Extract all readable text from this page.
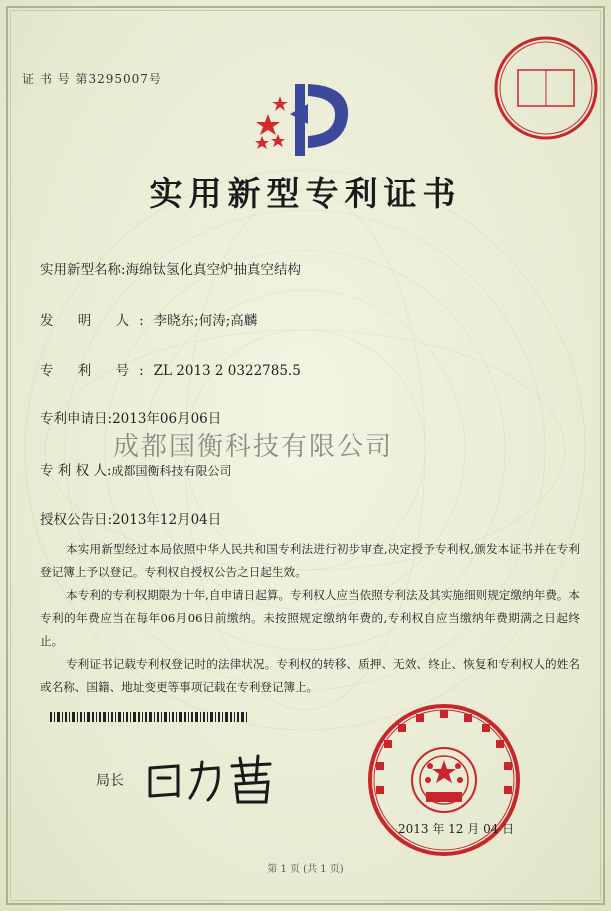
证 书 号 第3295007号
实用新型专利证书
实用新型名称:海绵钛氢化真空炉抽真空结构
发 明 人:李晓东;何涛;高麟
专 利 号:ZL 2013 2 0322785.5
专利申请日:2013年06月06日
专 利 权 人:成都国衡科技有限公司
成都国衡科技有限公司
授权公告日:2013年12月04日
本实用新型经过本局依照中华人民共和国专利法进行初步审查,决定授予专利权,颁发本证书并在专利登记簿上予以登记。专利权自授权公告之日起生效。
本专利的专利权期限为十年,自申请日起算。专利权人应当依照专利法及其实施细则规定缴纳年费。本专利的年费应当在每年06月06日前缴纳。未按照规定缴纳年费的,专利权自应当缴纳年费期满之日起终止。
专利证书记载专利权登记时的法律状况。专利权的转移、质押、无效、终止、恢复和专利权人的姓名或名称、国籍、地址变更等事项记载在专利登记簿上。
局长
2013 年 12 月 04 日
第 1 页 (共 1 页)
